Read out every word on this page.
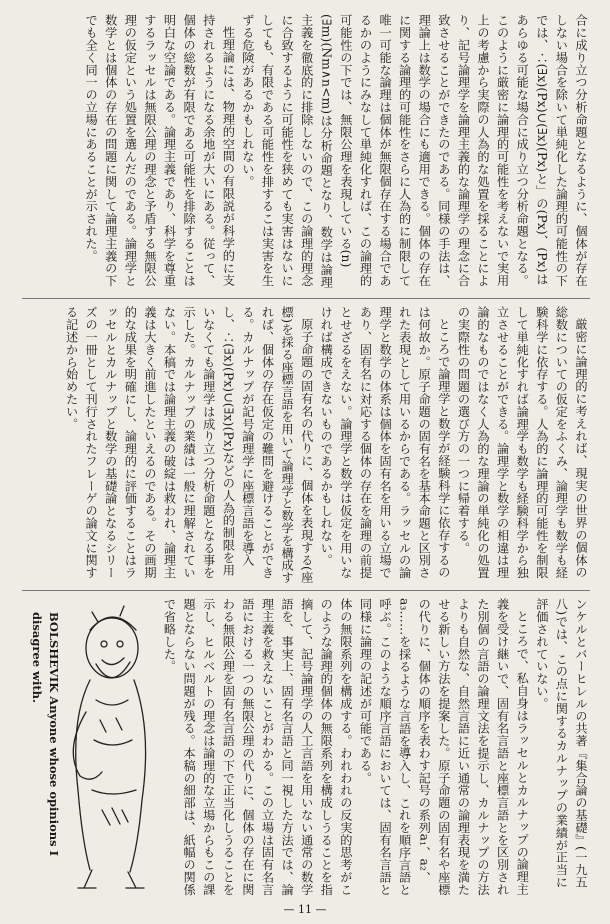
合に成り立つ分析命題となるように、個体が存在しない場合を除いて単純化した論理的可能性の下では、∴(∃x)(Px)∪(∃x)(Px)と」の(Px)、(Px)はあらゆる可能な場合に成り立つ分析命題となる。このように厳密に論理的可能性を考えないで実用上の考慮から実際の人為的な処置を採ることにより、記号論理学を論理主義的な論理学の理念に合致させることができたのである。同様の手法は、理論上は数学の場合にも適用できる。個体の存在に関する論理的可能性をさらに人為的に制限して唯一可能な論理は個体が無限個存在する場合であるかのようにみなして単純化すれば、この論理的可能性の下では、無限公理を表現している(n)(∃m)(Nm∧n<m)は分析命題となり、数学は論理主義を徹底的に排除しないので、この論理的理念に合致するように可能性を狭めても実害はないにしても、有限である可能性を排するこは実害を生ずる危険があるかもしれない。

性理論には、物理的空間の有限説が科学的に支持されるようになる余地が大いにある。従って、個体の総数が有限である可能性を排除することは明白な空論である。論理主義であり、科学を尊重するラッセルは無限公理の理念と予盾する無限公理の仮定という処置を選んだのである。論理学と数学とは個体の存在の問題に関して論理主義の下でも全く同一の立場にあることが示された。

厳密に論理的に考えれば、現実の世界の個体の総数についての仮定をふくみ、論理学も数学も経験科学に依存する。人為的に論理的可能性を制限して単純化すれば論理学も数学も経験科学から独立させることができる。論理学と数学の相違は理論的なものではなく人為的な理論の単純化の処置の実際性の問題の選び方の一つに帰着する。

ところで論理学と数学が経験科学に依存するのは何故か。原子命題の固有名を基本命題と区別された表現として用いるからである。ラッセルの論理学と数学の体系は個体を固有名を用いる立場であり、固有名に対応する個体の存在を論理の前提とせざるをえない。論理学と数学は仮定を用いなければ構成できないものであるかもしれない。

原子命題の固有名の代りに、個体を表現する(座標)を採る座標言語を用いて論理学と数学を構成すれば、個体の存在仮定の難問を避けることができる。カルナップが記号論理学に座標言語を導入し、∴(∃x)(Px)∪(∃x)(Px)などの人為的制限を用いなくても論理学は成り立つ分析命題となる事を示した。カルナップの業績は一般に理解されていない。本稿では論理主義の破綻は救われ、論理主義は大きく前進したといえるのである。その画期的な成果を明確にし、論理的に評価することはラッセルとカルナップと数学の基礎論となるシリーズの一冊として刊行されたフレーゲの論文に関する記述から始めたい。

ンケルとバーヒレルの共著『集合論の基礎』(一九五八)では、この点に関するカルナップの業績が正当に評価されていない。

ところで、私自身はラッセルとカルナップの論理主義を受け継いで、固有名言語と座標言語とを区別された別個の言語の論理文法を提示し、カルナップの方法よりも自然な、自然言語に近い通常の論理表現を満たせる新しい方法を提案した。原子命題の固有名や座標の代りに、個体の順序を表わす記号の系列a₁、a₂、a₃……を採るような言語を導入し、これを順序言語と呼ぶ。このような順序言語においては、固有名言語と同様に論理の記述が可能である。

体の無限系列を構成する。われわれの反実的思考がこのような論理的個体の無限系列を構成しうることを指摘して、記号論理学の人工言語を用いない通常の数学語を、事実上、固有名言語と同一視した方法では、論理主義を救えないことがわかる。この立場は固有名言語における一つの無限公理の代りに、個体の存在に関わる無限公理を固有名言語の下で正当化しうることを示し、ヒルベルトの理念は論理的な立場からもこの課題とならない問題が残る。本稿の細部は、紙幅の関係で省略した。

BOLSHEVIK Anyone whose opinions I disagree with.
— 11 —
